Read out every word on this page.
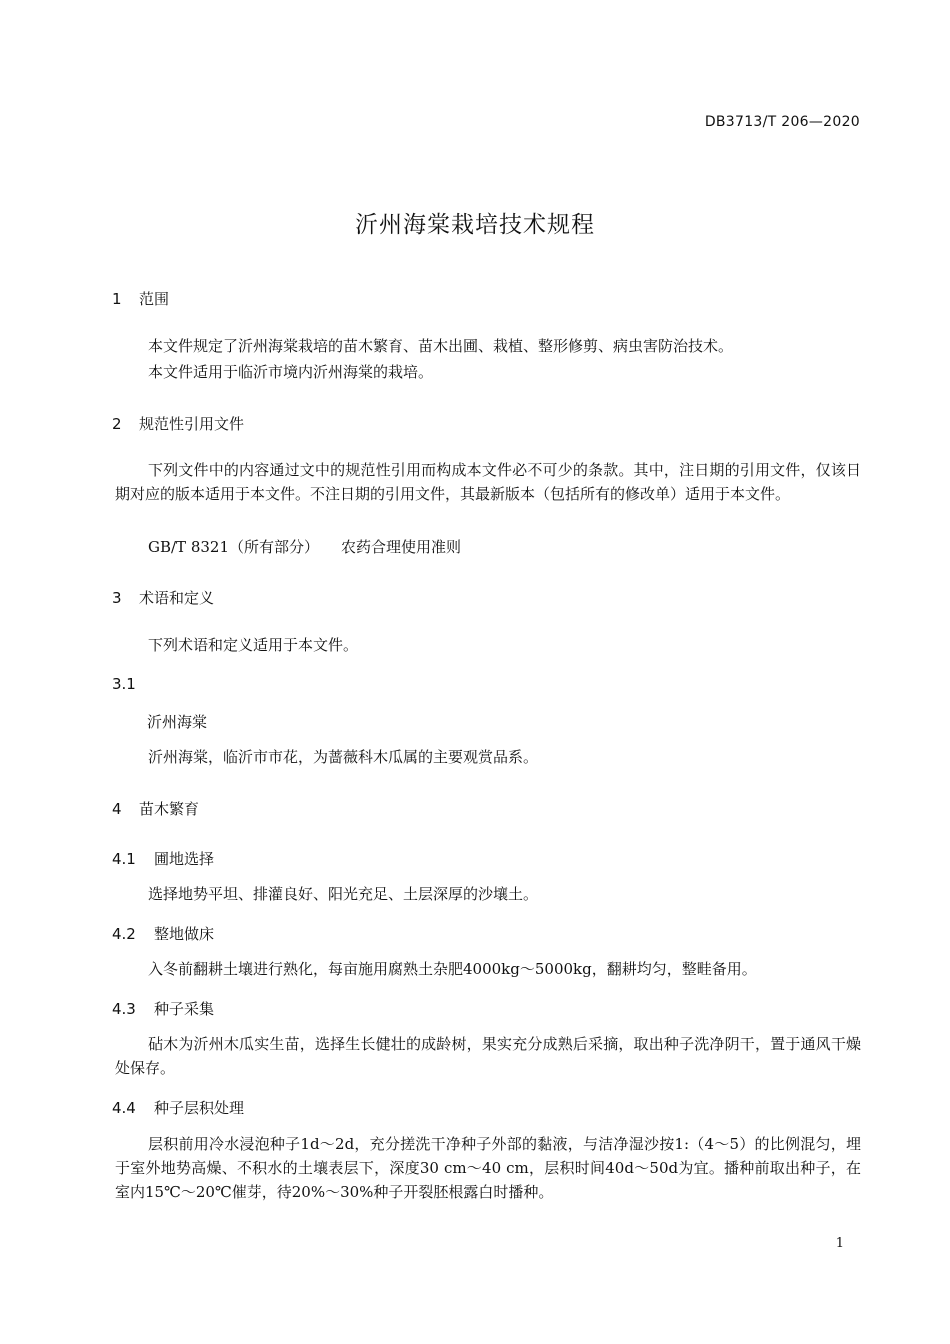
DB3713/T 206—2020
沂州海棠栽培技术规程
1 范围
本文件规定了沂州海棠栽培的苗木繁育、苗木出圃、栽植、整形修剪、病虫害防治技术。
本文件适用于临沂市境内沂州海棠的栽培。
2 规范性引用文件
下列文件中的内容通过文中的规范性引用而构成本文件必不可少的条款。其中，注日期的引用文件，仅该日期对应的版本适用于本文件。不注日期的引用文件，其最新版本（包括所有的修改单）适用于本文件。
GB/T 8321（所有部分） 农药合理使用准则
3 术语和定义
下列术语和定义适用于本文件。
3.1
沂州海棠
沂州海棠，临沂市市花，为蔷薇科木瓜属的主要观赏品系。
4 苗木繁育
4.1 圃地选择
选择地势平坦、排灌良好、阳光充足、土层深厚的沙壤土。
4.2 整地做床
入冬前翻耕土壤进行熟化，每亩施用腐熟土杂肥4000kg～5000kg，翻耕均匀，整畦备用。
4.3 种子采集
砧木为沂州木瓜实生苗，选择生长健壮的成龄树，果实充分成熟后采摘，取出种子洗净阴干，置于通风干燥处保存。
4.4 种子层积处理
层积前用冷水浸泡种子1d～2d，充分搓洗干净种子外部的黏液，与洁净湿沙按1:（4～5）的比例混匀，埋于室外地势高燥、不积水的土壤表层下，深度30 cm～40 cm，层积时间40d～50d为宜。播种前取出种子，在室内15℃～20℃催芽，待20%～30%种子开裂胚根露白时播种。
1
